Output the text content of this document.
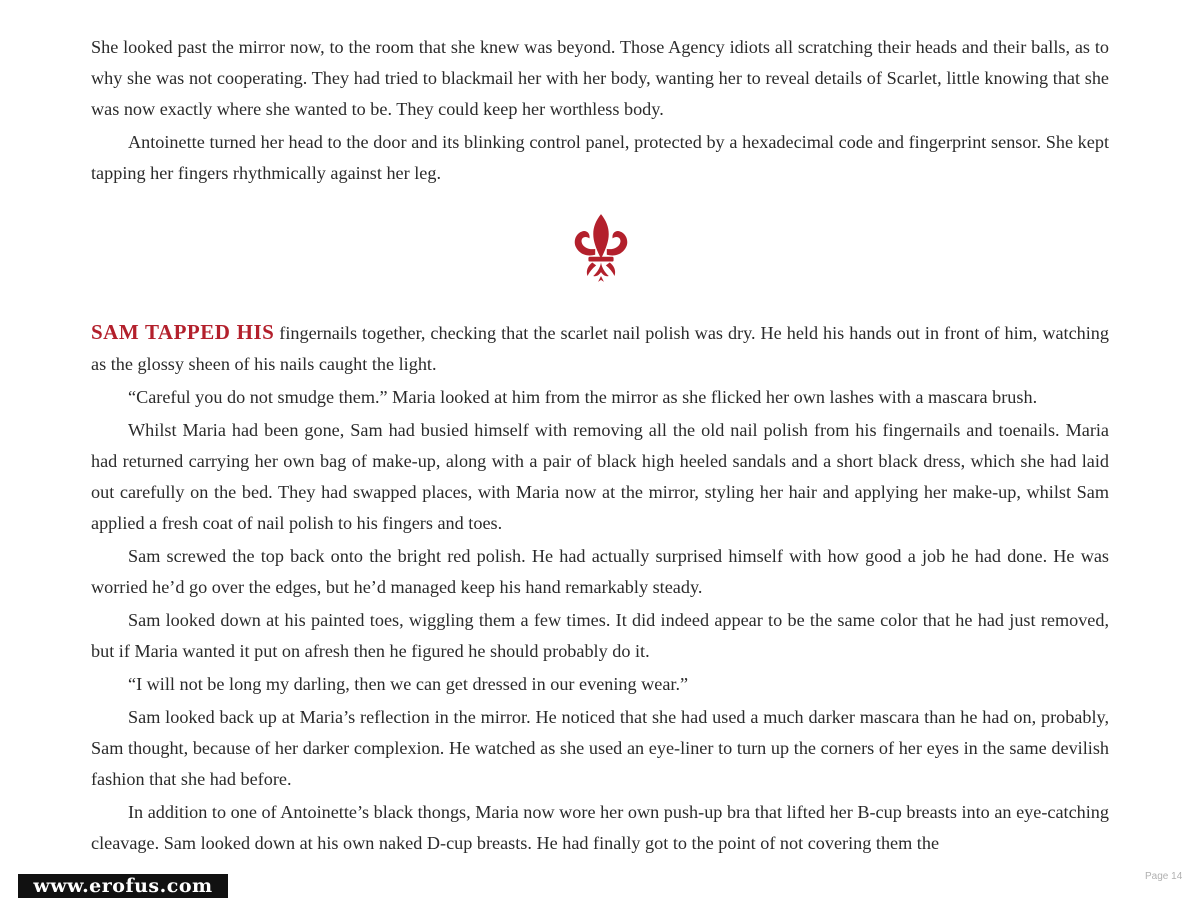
She looked past the mirror now, to the room that she knew was beyond. Those Agency idiots all scratching their heads and their balls, as to why she was not cooperating. They had tried to blackmail her with her body, wanting her to reveal details of Scarlet, little knowing that she was now exactly where she wanted to be. They could keep her worthless body.

Antoinette turned her head to the door and its blinking control panel, protected by a hexadecimal code and fingerprint sensor. She kept tapping her fingers rhythmically against her leg.

SAM TAPPED HIS fingernails together, checking that the scarlet nail polish was dry. He held his hands out in front of him, watching as the glossy sheen of his nails caught the light.

“Careful you do not smudge them.” Maria looked at him from the mirror as she flicked her own lashes with a mascara brush.

Whilst Maria had been gone, Sam had busied himself with removing all the old nail polish from his fingernails and toenails. Maria had returned carrying her own bag of make-up, along with a pair of black high heeled sandals and a short black dress, which she had laid out carefully on the bed. They had swapped places, with Maria now at the mirror, styling her hair and applying her make-up, whilst Sam applied a fresh coat of nail polish to his fingers and toes.

Sam screwed the top back onto the bright red polish. He had actually surprised himself with how good a job he had done. He was worried he’d go over the edges, but he’d managed keep his hand remarkably steady.

Sam looked down at his painted toes, wiggling them a few times. It did indeed appear to be the same color that he had just removed, but if Maria wanted it put on afresh then he figured he should probably do it.

“I will not be long my darling, then we can get dressed in our evening wear.”

Sam looked back up at Maria’s reflection in the mirror. He noticed that she had used a much darker mascara than he had on, probably, Sam thought, because of her darker complexion. He watched as she used an eye-liner to turn up the corners of her eyes in the same devilish fashion that she had before.

In addition to one of Antoinette’s black thongs, Maria now wore her own push-up bra that lifted her B-cup breasts into an eye-catching cleavage. Sam looked down at his own naked D-cup breasts. He had finally got to the point of not covering them the

www.erofus.com	Page 14
